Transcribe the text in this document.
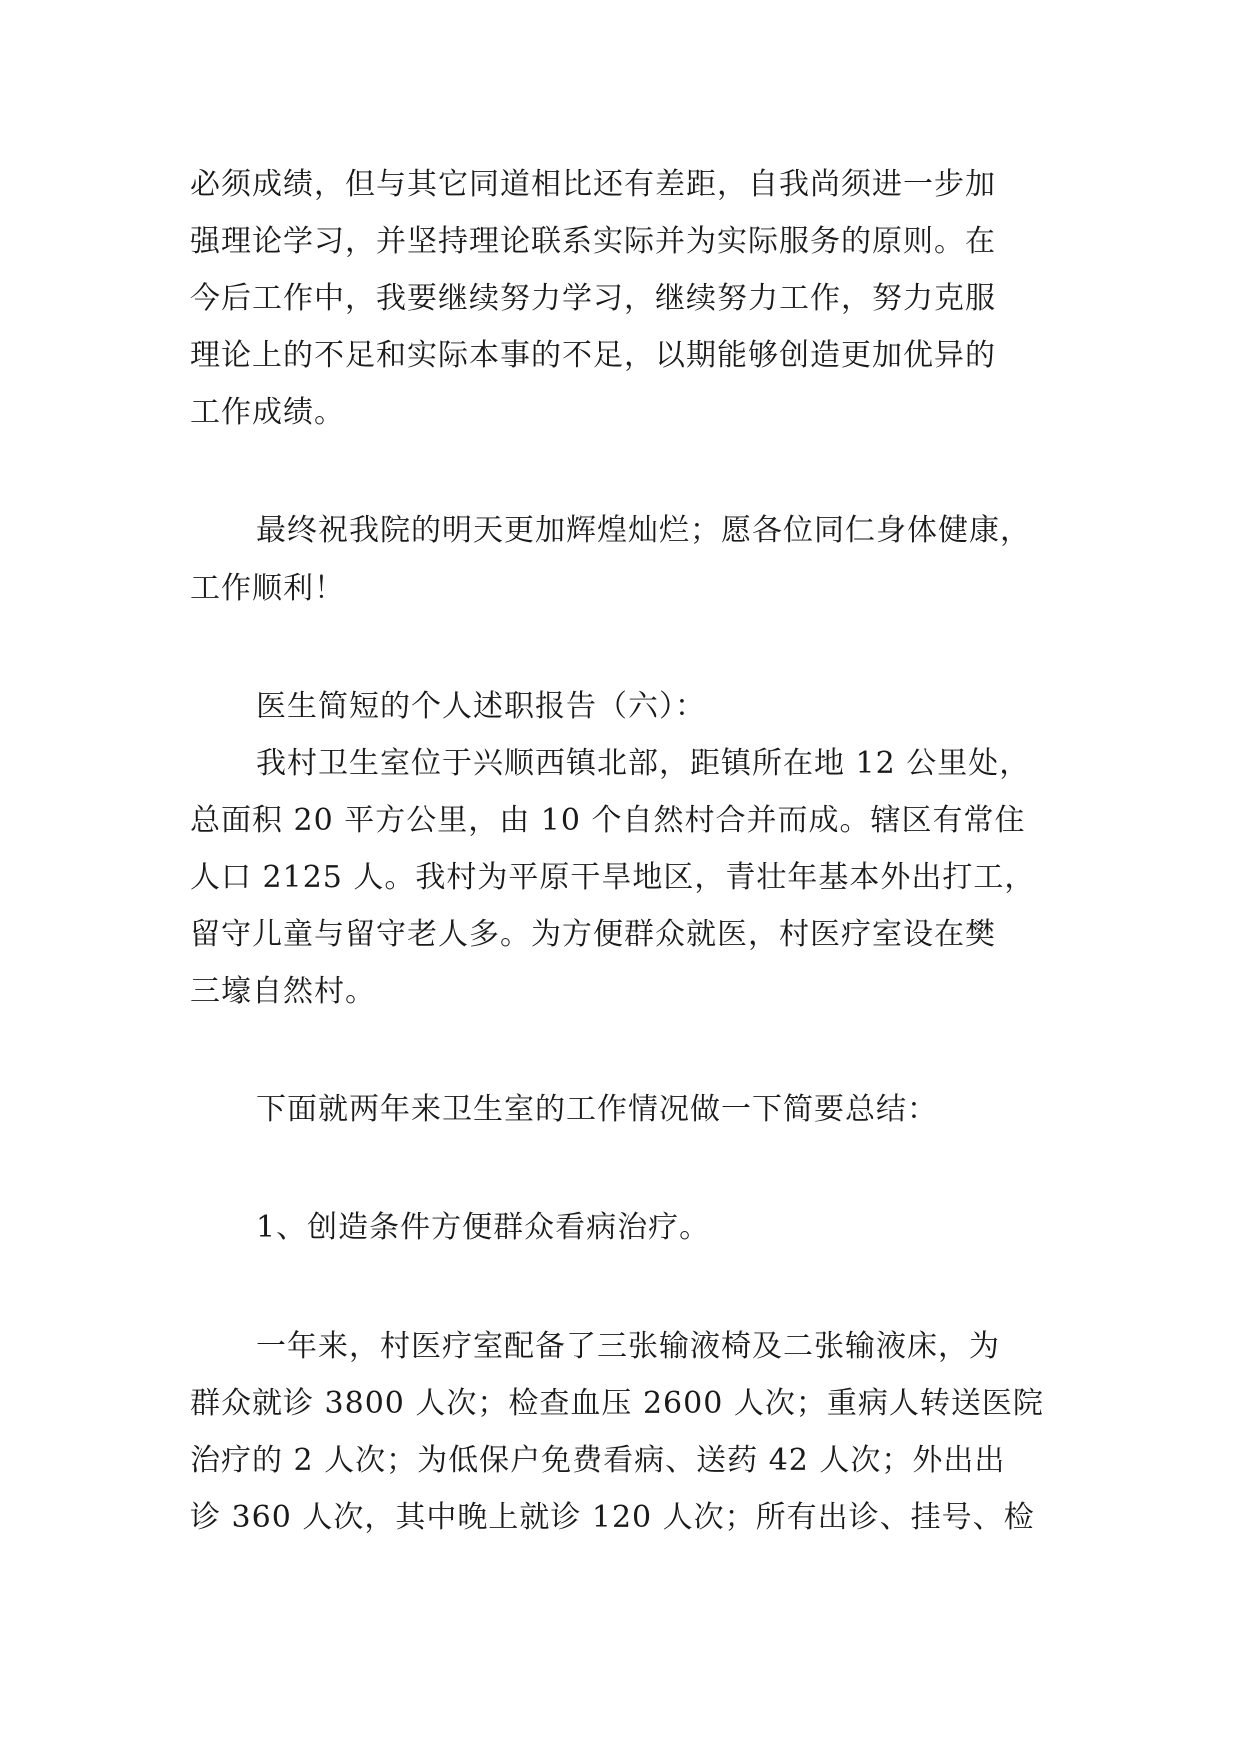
必须成绩，但与其它同道相比还有差距，自我尚须进一步加
强理论学习，并坚持理论联系实际并为实际服务的原则。在
今后工作中，我要继续努力学习，继续努力工作，努力克服
理论上的不足和实际本事的不足，以期能够创造更加优异的
工作成绩。
最终祝我院的明天更加辉煌灿烂；愿各位同仁身体健康，
工作顺利！
医生简短的个人述职报告（六）：
我村卫生室位于兴顺西镇北部，距镇所在地 12 公里处，
总面积 20 平方公里，由 10 个自然村合并而成。辖区有常住
人口 2125 人。我村为平原干旱地区，青壮年基本外出打工，
留守儿童与留守老人多。为方便群众就医，村医疗室设在樊
三壕自然村。
下面就两年来卫生室的工作情况做一下简要总结：
1、创造条件方便群众看病治疗。
一年来，村医疗室配备了三张输液椅及二张输液床，为
群众就诊 3800 人次；检查血压 2600 人次；重病人转送医院
治疗的 2 人次；为低保户免费看病、送药 42 人次；外出出
诊 360 人次，其中晚上就诊 120 人次；所有出诊、挂号、检
